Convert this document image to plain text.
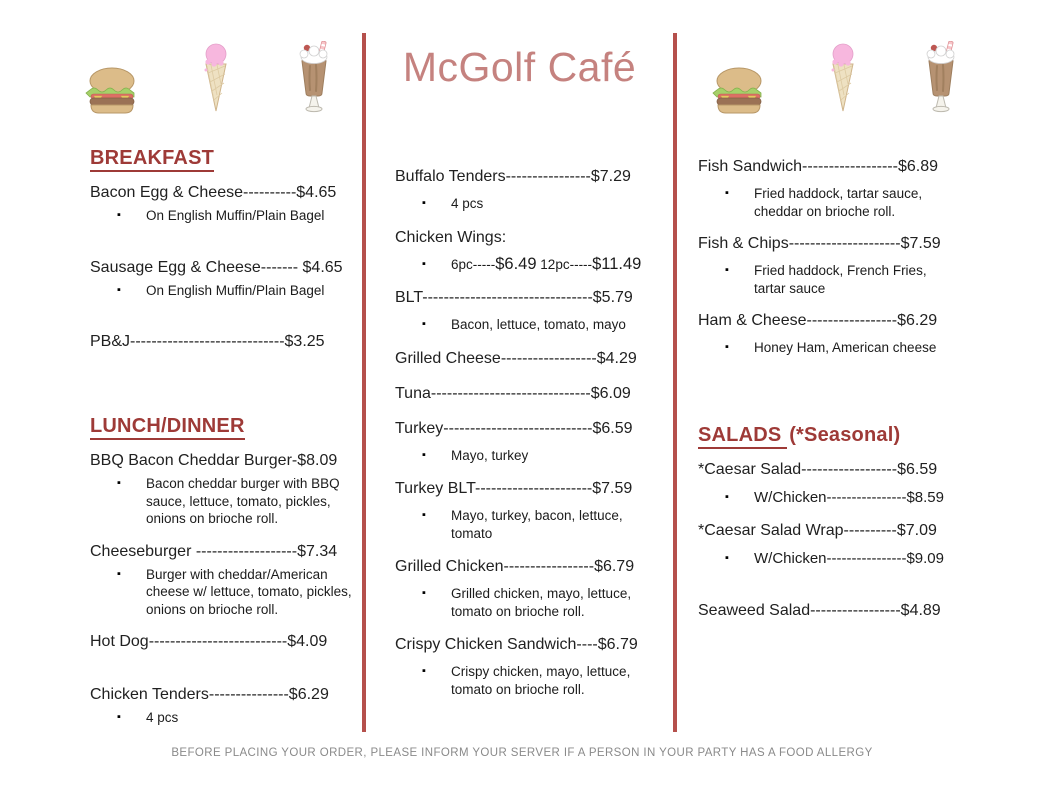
McGolf Café
BREAKFAST
Bacon Egg & Cheese----------$4.65
▪ On English Muffin/Plain Bagel
Sausage Egg & Cheese------- $4.65
▪ On English Muffin/Plain Bagel
PB&J-----------------------------$3.25
LUNCH/DINNER
BBQ Bacon Cheddar Burger-$8.09
▪ Bacon cheddar burger with BBQ sauce, lettuce, tomato, pickles, onions on brioche roll.
Cheeseburger -------------------$7.34
▪ Burger with cheddar/American cheese w/ lettuce, tomato, pickles, onions on brioche roll.
Hot Dog--------------------------$4.09
Chicken Tenders---------------$6.29
▪ 4 pcs
Buffalo Tenders----------------$7.29
▪ 4 pcs
Chicken Wings:
▪ 6pc-----$6.49 12pc-----$11.49
BLT--------------------------------$5.79
▪ Bacon, lettuce, tomato, mayo
Grilled Cheese------------------$4.29
Tuna------------------------------$6.09
Turkey----------------------------$6.59
▪ Mayo, turkey
Turkey BLT----------------------$7.59
▪ Mayo, turkey, bacon, lettuce, tomato
Grilled Chicken-----------------$6.79
▪ Grilled chicken, mayo, lettuce, tomato on brioche roll.
Crispy Chicken Sandwich----$6.79
▪ Crispy chicken, mayo, lettuce, tomato on brioche roll.
Fish Sandwich------------------$6.89
▪ Fried haddock, tartar sauce, cheddar on brioche roll.
Fish & Chips---------------------$7.59
▪ Fried haddock, French Fries, tartar sauce
Ham & Cheese-----------------$6.29
▪ Honey Ham, American cheese
SALADS (*Seasonal)
*Caesar Salad------------------$6.59
▪ W/Chicken----------------$8.59
*Caesar Salad Wrap----------$7.09
▪ W/Chicken----------------$9.09
Seaweed Salad-----------------$4.89
BEFORE PLACING YOUR ORDER, PLEASE INFORM YOUR SERVER IF A PERSON IN YOUR PARTY HAS A FOOD ALLERGY
